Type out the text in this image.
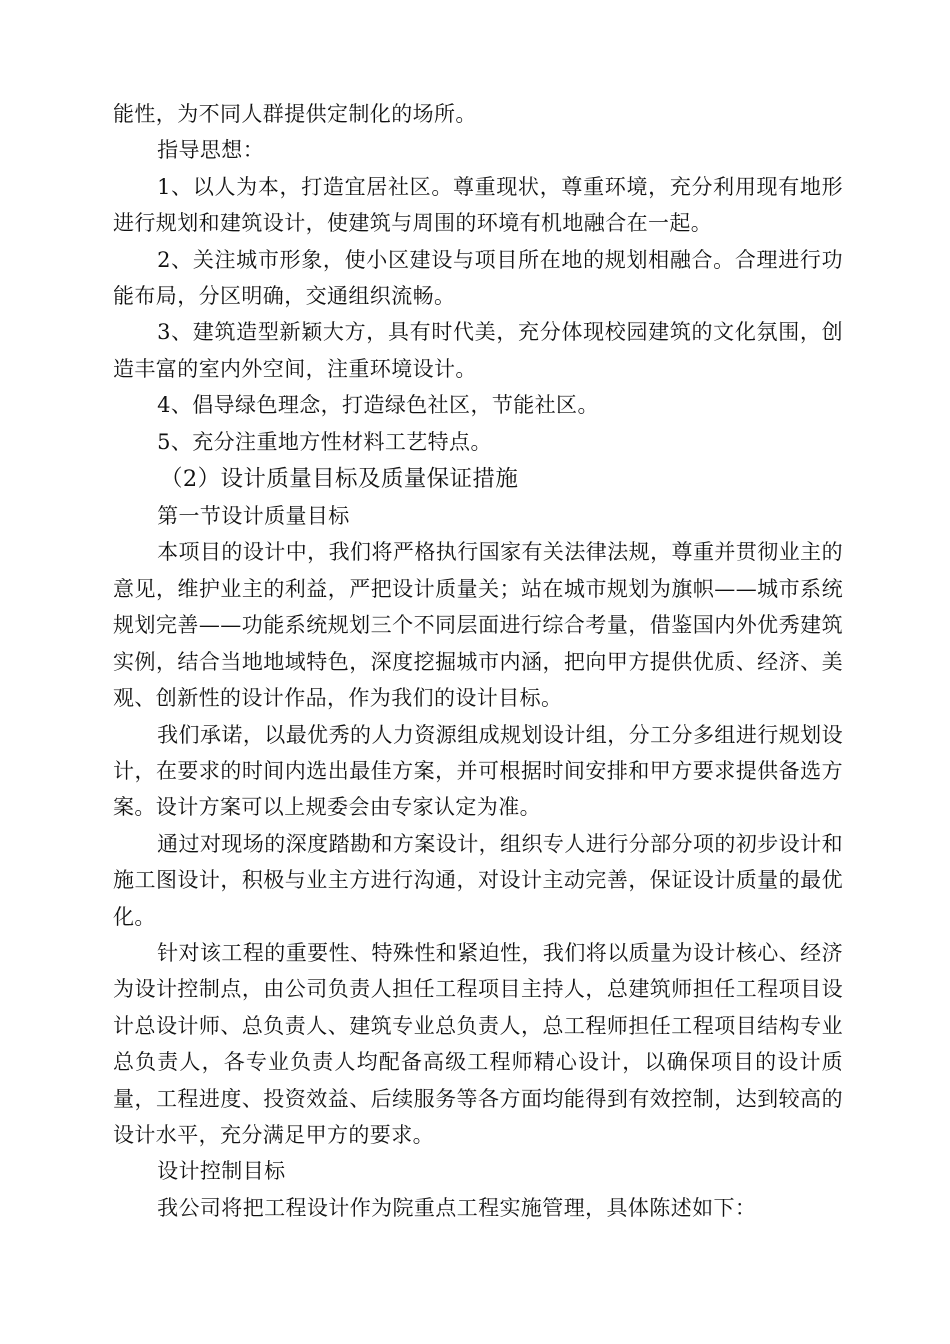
能性，为不同人群提供定制化的场所。

指导思想：

1、以人为本，打造宜居社区。尊重现状，尊重环境，充分利用现有地形进行规划和建筑设计，使建筑与周围的环境有机地融合在一起。

2、关注城市形象，使小区建设与项目所在地的规划相融合。合理进行功能布局，分区明确，交通组织流畅。

3、建筑造型新颖大方，具有时代美，充分体现校园建筑的文化氛围，创造丰富的室内外空间，注重环境设计。

4、倡导绿色理念，打造绿色社区，节能社区。

5、充分注重地方性材料工艺特点。

（2）设计质量目标及质量保证措施

第一节设计质量目标

本项目的设计中，我们将严格执行国家有关法律法规，尊重并贯彻业主的意见，维护业主的利益，严把设计质量关；站在城市规划为旗帜——城市系统规划完善——功能系统规划三个不同层面进行综合考量，借鉴国内外优秀建筑实例，结合当地地域特色，深度挖掘城市内涵，把向甲方提供优质、经济、美观、创新性的设计作品，作为我们的设计目标。

我们承诺，以最优秀的人力资源组成规划设计组，分工分多组进行规划设计，在要求的时间内选出最佳方案，并可根据时间安排和甲方要求提供备选方案。设计方案可以上规委会由专家认定为准。

通过对现场的深度踏勘和方案设计，组织专人进行分部分项的初步设计和施工图设计，积极与业主方进行沟通，对设计主动完善，保证设计质量的最优化。

针对该工程的重要性、特殊性和紧迫性，我们将以质量为设计核心、经济为设计控制点，由公司负责人担任工程项目主持人，总建筑师担任工程项目设计总设计师、总负责人、建筑专业总负责人，总工程师担任工程项目结构专业总负责人，各专业负责人均配备高级工程师精心设计，以确保项目的设计质量，工程进度、投资效益、后续服务等各方面均能得到有效控制，达到较高的设计水平，充分满足甲方的要求。

设计控制目标

我公司将把工程设计作为院重点工程实施管理，具体陈述如下：
